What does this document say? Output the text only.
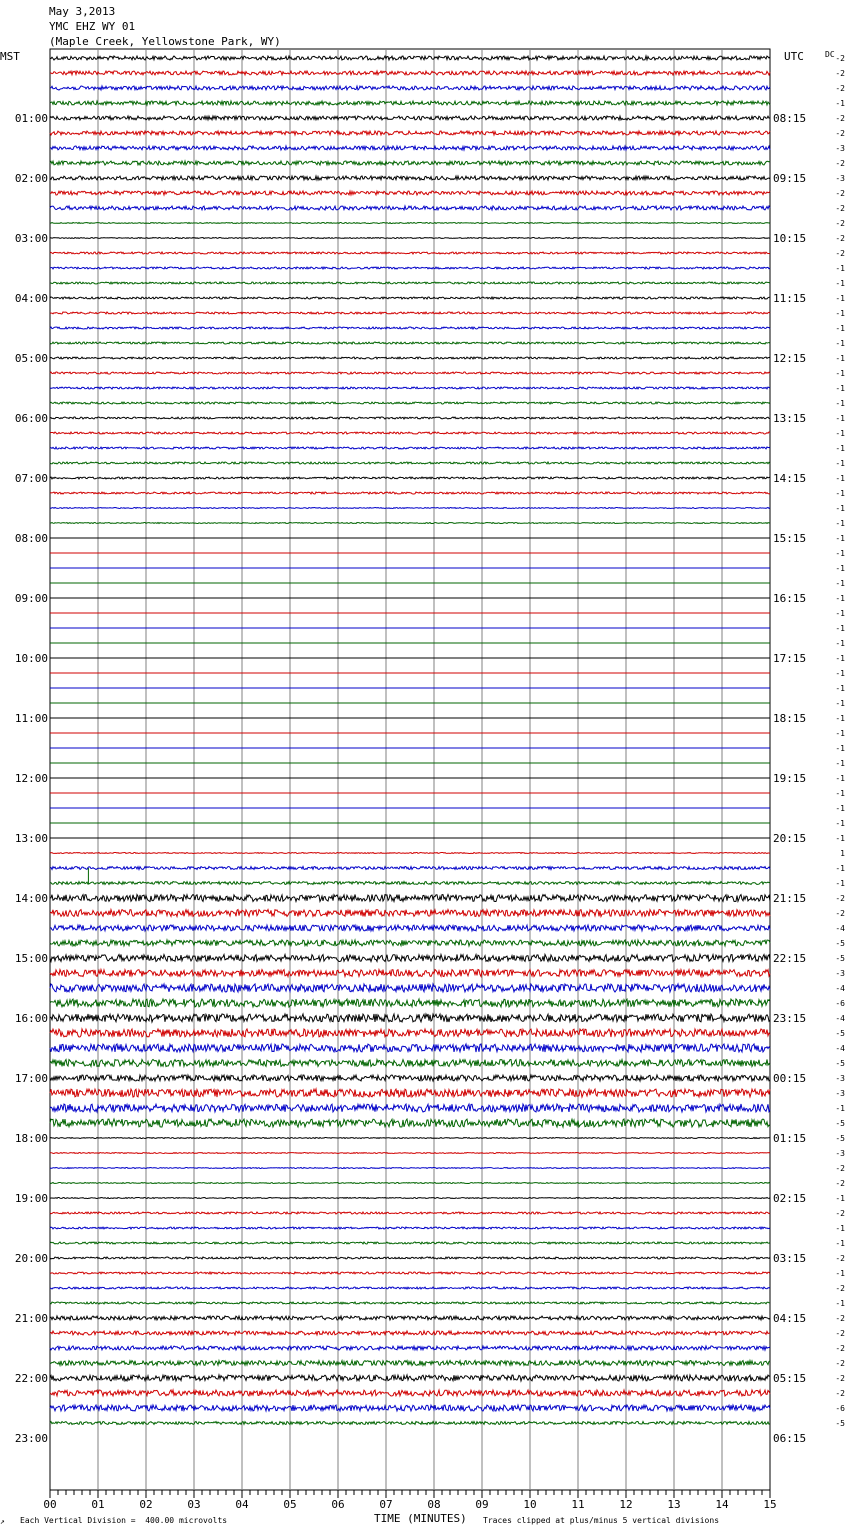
May 3,2013
YMC EHZ WY 01
(Maple Creek, Yellowstone Park, WY)
MST	UTC	DC
00	01	02	03	04	05	06	07	08	09	10	11	12	13	14	15
-2
-2
-2
-1
-2
-2
-3
-2
-3
-2
-2
-2
-2
-2
-1
-1
-1
-1
-1
-1
-1
-1
-1
-1
-1
-1
-1
-1
-1
-1
-1
-1
-1
-1
-1
-1
-1
-1
-1
-1
-1
-1
-1
-1
-1
-1
-1
-1
-1
-1
-1
-1
-1
1
-1
-1
-2
-2
-4
-5
-5
-3
-4
-6
-4
-5
-4
-5
-3
-3
-1
-5
-5
-3
-2
-2
-1
-2
-1
-1
-2
-1
-2
-1
-2
-2
-2
-2
-2
-2
-6
-5
01:00
02:00
03:00
04:00
05:00
06:00
07:00
08:00
09:00
10:00
11:00
12:00
13:00
14:00
15:00
16:00
17:00
18:00
19:00
20:00
21:00
22:00
23:00
08:15
09:15
10:15
11:15
12:15
13:15
14:15
15:15
16:15
17:15
18:15
19:15
20:15
21:15
22:15
23:15
00:15
01:15
02:15
03:15
04:15
05:15
06:15
↗ Each Vertical Division =  400.00 microvolts	TIME (MINUTES) Traces clipped at plus/minus 5 vertical divisions
